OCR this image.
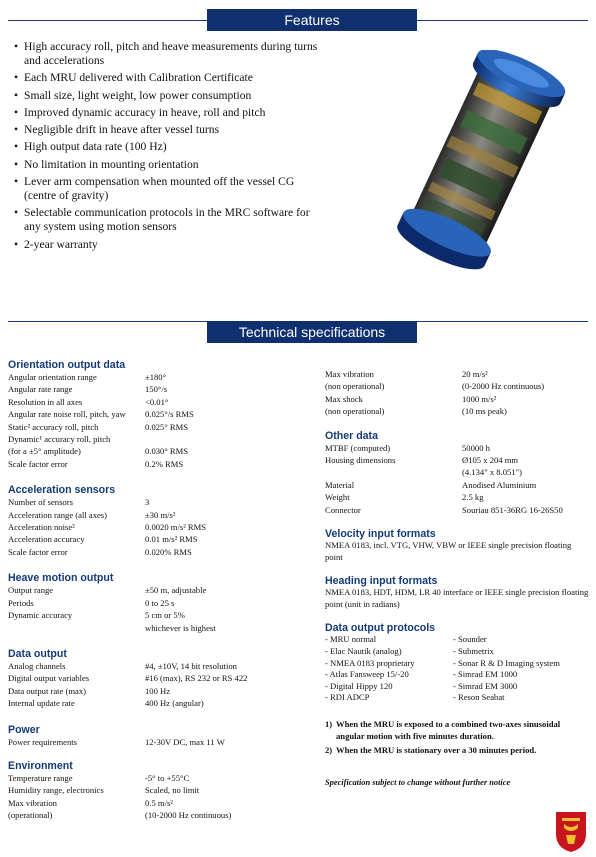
Features
• High accuracy roll, pitch and heave measurements during turns and accelerations
• Each MRU delivered with Calibration Certificate
• Small size, light weight, low power consumption
• Improved dynamic accuracy in heave, roll and pitch
• Negligible drift in heave after vessel turns
• High output data rate (100 Hz)
• No limitation in mounting orientation
• Lever arm compensation when mounted off the vessel CG (centre of gravity)
• Selectable communication protocols in the MRC software for any system using motion sensors
• 2-year warranty
Technical specifications
Orientation output data
Angular orientation range	±180°
Angular rate range	150°/s
Resolution in all axes	<0.01°
Angular rate noise roll, pitch, yaw	0.025°/s RMS
Static² accuracy roll, pitch	0.025° RMS
Dynamic¹ accuracy roll, pitch
(for a ±5° amplitude)	0.030° RMS
Scale factor error	0.2% RMS
Acceleration sensors
Number of sensors	3
Acceleration range (all axes)	±30 m/s²
Acceleration noise²	0.0020 m/s² RMS
Acceleration accuracy	0.01 m/s² RMS
Scale factor error	0.020% RMS
Heave motion output
Output range	±50 m, adjustable
Periods	0 to 25 s
Dynamic accuracy	5 cm or 5%
whichever is highest
Data output
Analog channels	#4, ±10V, 14 bit resolution
Digital output variables	#16 (max), RS 232 or RS 422
Data output rate (max)	100 Hz
Internal update rate	400 Hz (angular)
Power
Power requirements	12-30V DC, max 11 W
Environment
Temperature range	-5° to +55°C
Humidity range, electronics	Scaled, no limit
Max vibration	0.5 m/s²
(operational)	(10-2000 Hz continuous)
Max vibration	20 m/s²
(non operational)	(0-2000 Hz continuous)
Max shock	1000 m/s²
(non operational)	(10 ms peak)
Other data
MTBF (computed)	50000 h
Housing dimensions	Ø105 x 204 mm
(4.134" x 8.051")
Material	Anodised Aluminium
Weight	2.5 kg
Connector	Souriau 851-36RG 16-26S50
Velocity input formats
NMEA 0183, incl. VTG, VHW, VBW or IEEE single precision floating point
Heading input formats
NMEA 0183, HDT, HDM, LR 40 interface or IEEE single precision floating point (unit in radians)
Data output protocols
- MRU normal
- Elac Nautik (analog)
- NMEA 0183 proprietary
- Atlas Fansweep 15/-20
- Digital Hippy 120
- RDI ADCP
- Sounder
- Submetrix
- Sonar R & D Imaging system
- Simrad EM 1000
- Simrad EM 3000
- Reson Seabat
1) When the MRU is exposed to a combined two-axes sinusoidal angular motion with five minutes duration.
2) When the MRU is stationary over a 30 minutes period.
Specification subject to change without further notice
